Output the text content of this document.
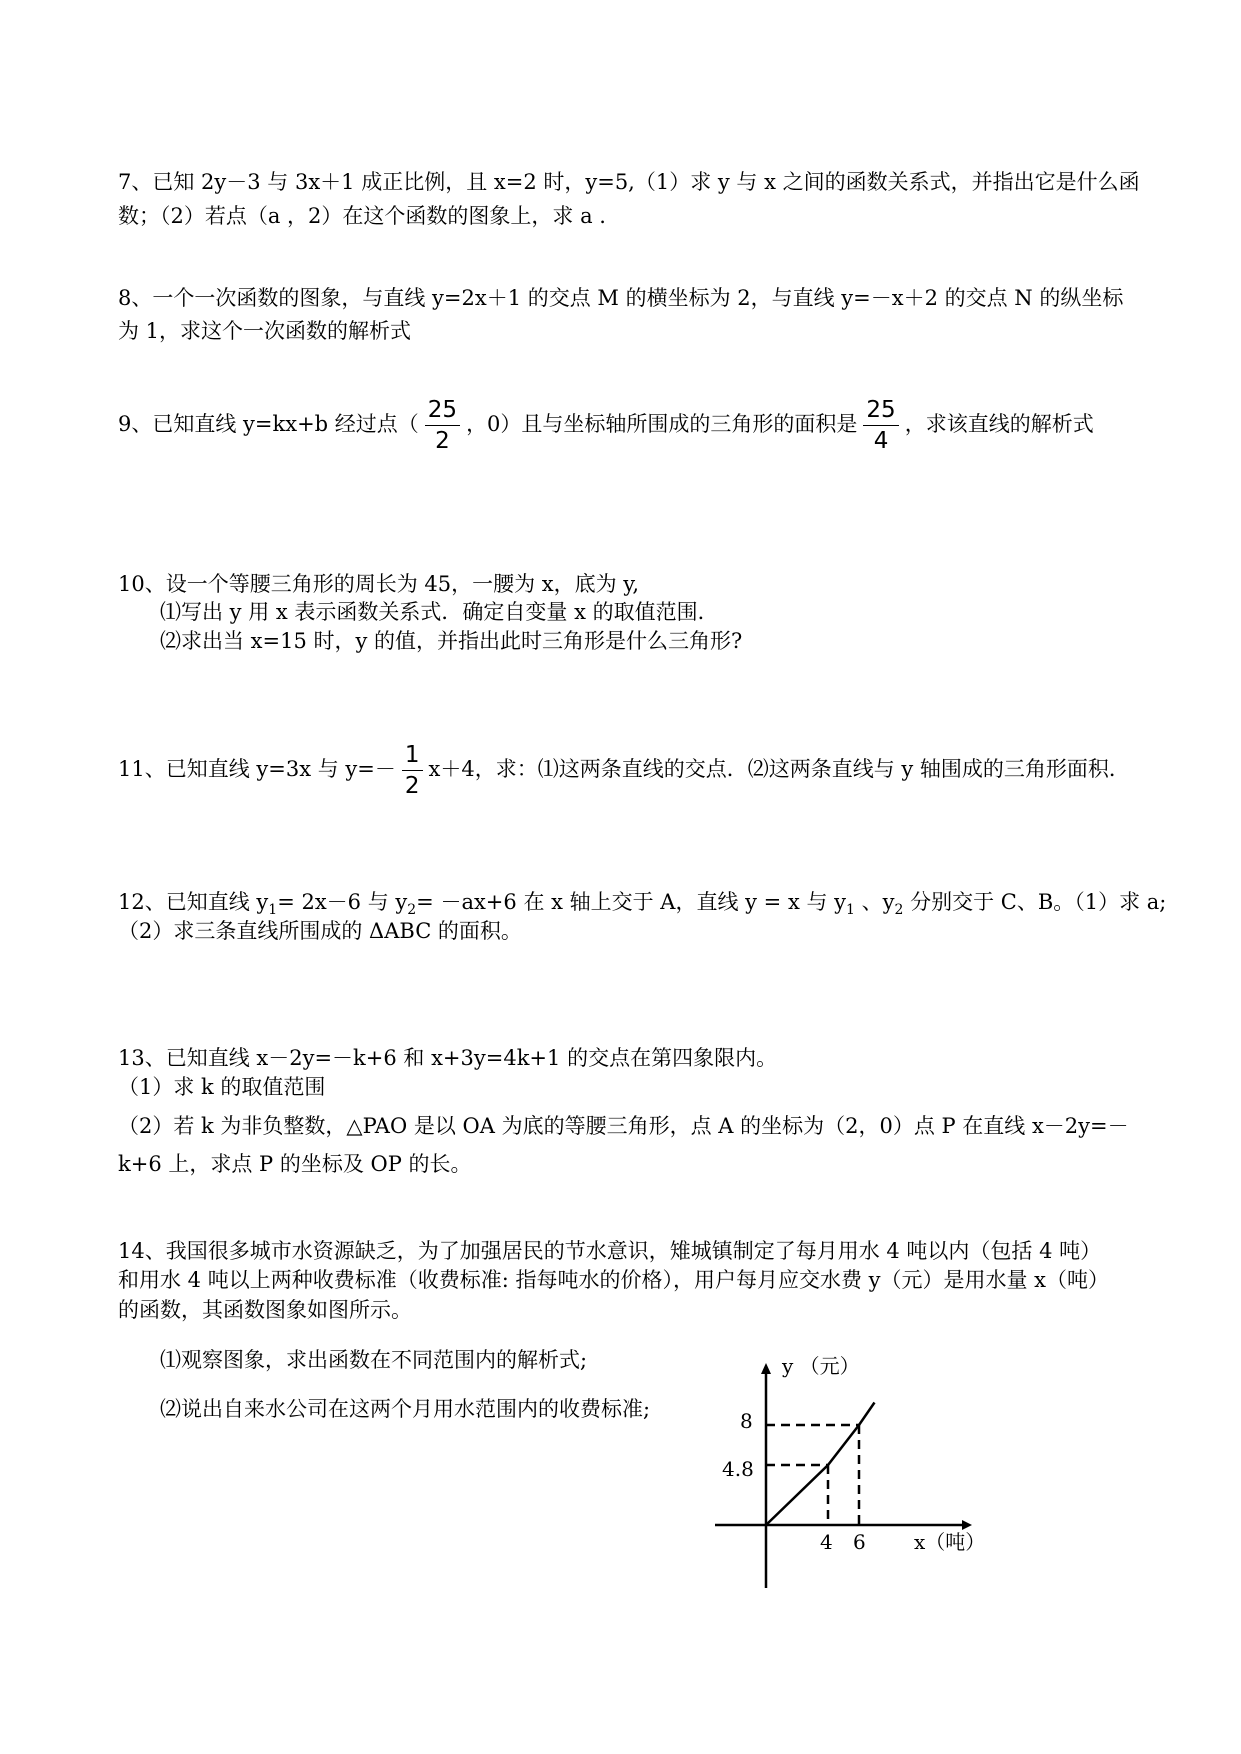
7、已知 2y－3 与 3x＋1 成正比例，且 x=2 时，y=5,（1）求 y 与 x 之间的函数关系式，并指出它是什么函
数；（2）若点（a ，2）在这个函数的图象上，求 a .
8、一个一次函数的图象，与直线 y=2x＋1 的交点 M 的横坐标为 2，与直线 y=－x＋2 的交点 N 的纵坐标
为 1，求这个一次函数的解析式
9、已知直线 y=kx+b 经过点（ $\frac{25}{2}$ ，0）且与坐标轴所围成的三角形的面积是 $\frac{25}{4}$ ，求该直线的解析式
10、设一个等腰三角形的周长为 45，一腰为 x，底为 y,
⑴写出 y 用 x 表示函数关系式．确定自变量 x 的取值范围．
⑵求出当 x=15 时，y 的值，并指出此时三角形是什么三角形?
11、已知直线 y=3x 与 $y=- \frac{1}{2} x+4$，求：⑴这两条直线的交点．⑵这两条直线与 y 轴围成的三角形面积．
12、已知直线 $y_1= 2x-6$ 与 $y_2= -ax+6$ 在 x 轴上交于 A，直线 y = x 与 $y_1$ 、$y_2$ 分别交于 C、B。（1）求 a;
（2）求三条直线所围成的 ΔABC 的面积。
13、已知直线 x－2y=－k+6 和 x+3y=4k+1 的交点在第四象限内。
（1）求 k 的取值范围
（2）若 k 为非负整数，△PAO 是以 OA 为底的等腰三角形，点 A 的坐标为（2，0）点 P 在直线 x－2y=－
k+6 上，求点 P 的坐标及 OP 的长。
14、我国很多城市水资源缺乏，为了加强居民的节水意识，雉城镇制定了每月用水 4 吨以内（包括 4 吨）
和用水 4 吨以上两种收费标准（收费标准: 指每吨水的价格），用户每月应交水费 y（元）是用水量 x（吨）
的函数，其函数图象如图所示。
⑴观察图象，求出函数在不同范围内的解析式;
⑵说出自来水公司在这两个月用水范围内的收费标准;
y （元）
x（吨）
8
4.8
4 6
